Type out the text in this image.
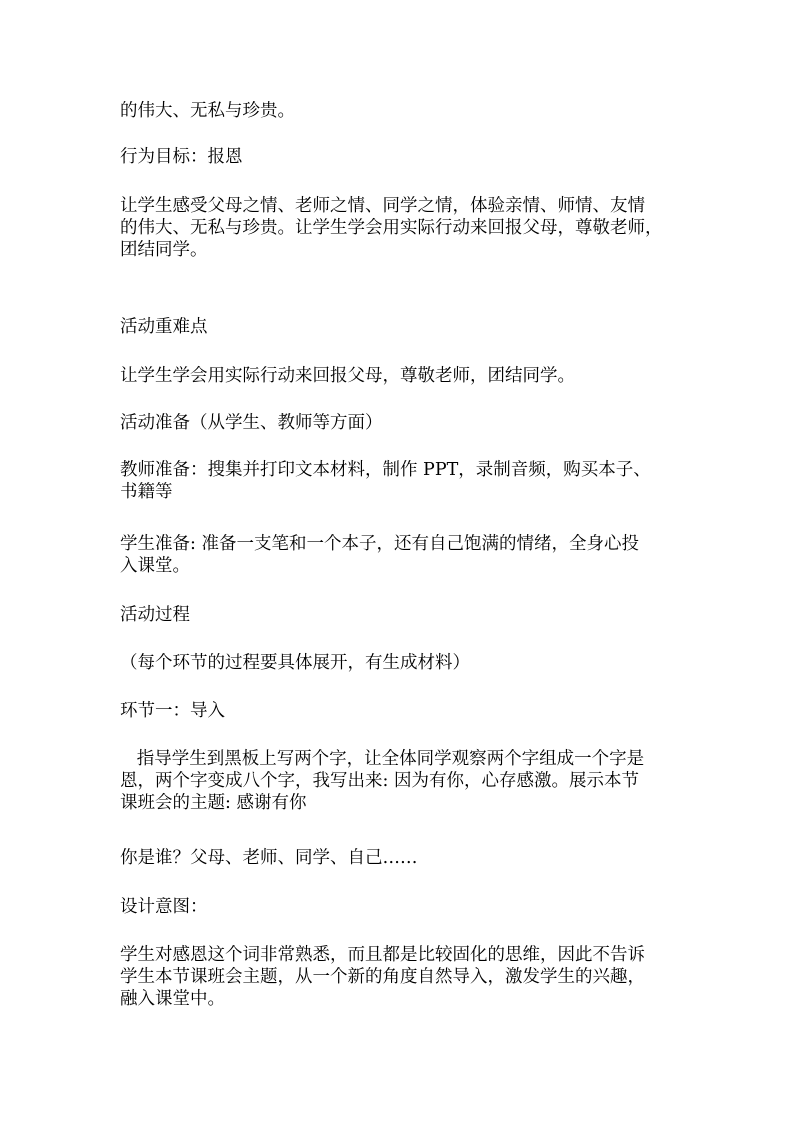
的伟大、无私与珍贵。
行为目标：报恩
让学生感受父母之情、老师之情、同学之情，体验亲情、师情、友情
的伟大、无私与珍贵。让学生学会用实际行动来回报父母，尊敬老师，
团结同学。
活动重难点
让学生学会用实际行动来回报父母，尊敬老师，团结同学。
活动准备（从学生、教师等方面）
教师准备：搜集并打印文本材料，制作 PPT，录制音频，购买本子、
书籍等
学生准备: 准备一支笔和一个本子，还有自己饱满的情绪，全身心投
入课堂。
活动过程
（每个环节的过程要具体展开，有生成材料）
环节一：导入
指导学生到黑板上写两个字，让全体同学观察两个字组成一个字是
恩，两个字变成八个字，我写出来: 因为有你，心存感激。展示本节
课班会的主题: 感谢有你
你是谁？父母、老师、同学、自己……
设计意图：
学生对感恩这个词非常熟悉，而且都是比较固化的思维，因此不告诉
学生本节课班会主题，从一个新的角度自然导入，激发学生的兴趣，
融入课堂中。
